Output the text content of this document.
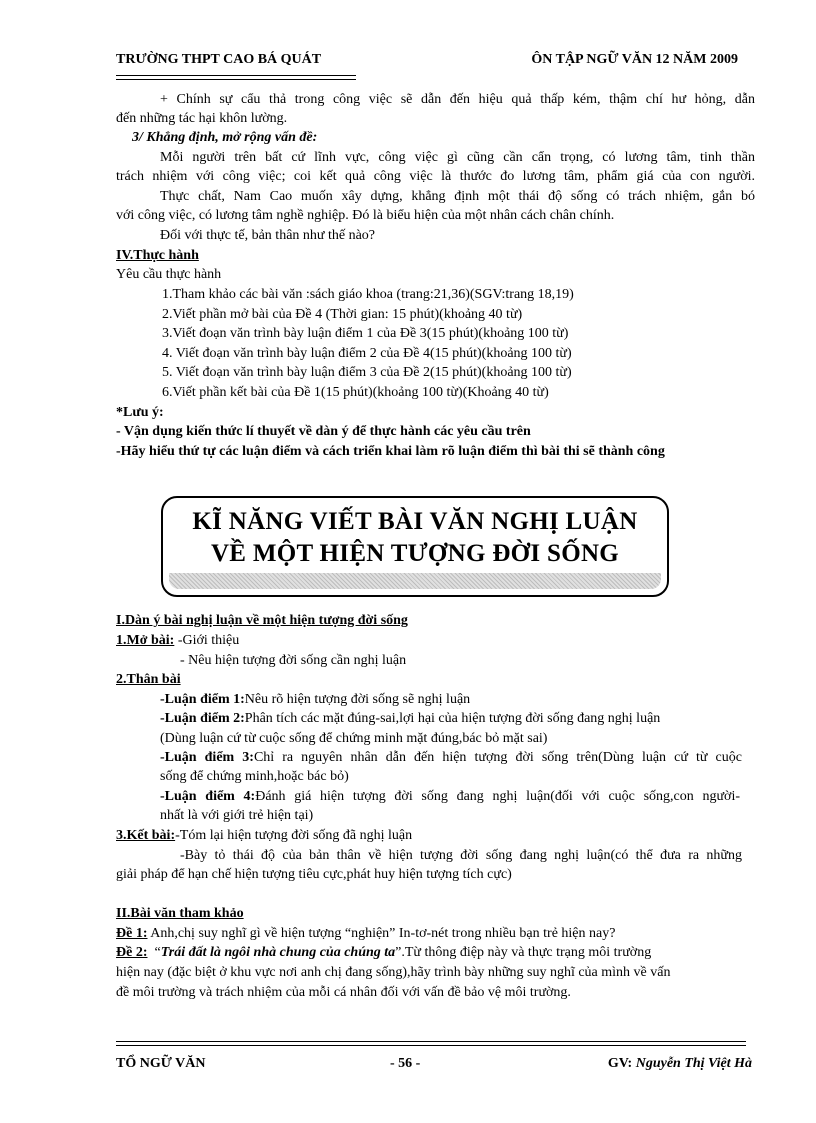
TRƯỜNG THPT CAO BÁ QUÁT	ÔN TẬP NGỮ VĂN 12 NĂM 2009
+ Chính sự cẩu thả trong công việc sẽ dẫn đến hiệu quả thấp kém, thậm chí hư hỏng, dẫn
đến những tác hại khôn lường.
3/ Khẳng định, mở rộng vấn đề:
Mỗi người trên bất cứ lĩnh vực, công việc gì cũng cần cẩn trọng, có lương tâm, tinh thần
trách nhiệm với công việc; coi kết quả công việc là thước đo lương tâm, phẩm giá của con người.
Thực chất, Nam Cao muốn xây dựng, khẳng định một thái độ sống có trách nhiệm, gắn bó
với công việc, có lương tâm nghề nghiệp. Đó là biểu hiện của một nhân cách chân chính.
Đối với thực tế, bản thân như thế nào?
IV.Thực hành
Yêu cầu thực hành
1.Tham khảo các bài văn :sách giáo khoa (trang:21,36)(SGV:trang 18,19)
2.Viết phần mở bài của Đề 4 (Thời gian: 15 phút)(khoảng 40 từ)
3.Viết đoạn văn trình bày luận điểm 1 của Đề 3(15 phút)(khoảng 100 từ)
4. Viết đoạn văn trình bày luận điểm 2 của Đề 4(15 phút)(khoảng 100 từ)
5. Viết đoạn văn trình bày luận điểm 3 của Đề 2(15 phút)(khoảng 100 từ)
6.Viết phần kết bài của Đề 1(15 phút)(khoảng 100 từ)(Khoảng 40 từ)
*Lưu ý:
- Vận dụng kiến thức lí thuyết về dàn ý để thực hành các yêu cầu trên
-Hãy hiểu thứ tự các luận điểm và cách triển khai làm rõ luận điểm thì bài thi sẽ thành công
KĨ NĂNG VIẾT BÀI VĂN NGHỊ LUẬN
VỀ MỘT HIỆN TƯỢNG ĐỜI SỐNG
I.Dàn ý bài nghị luận về một hiện tượng đời sống
1.Mở bài: -Giới thiệu
- Nêu hiện tượng đời sống cần nghị luận
2.Thân bài
-Luận điểm 1:Nêu rõ hiện tượng đời sống sẽ nghị luận
-Luận điểm 2:Phân tích các mặt đúng-sai,lợi hại của hiện tượng đời sống đang nghị luận
(Dùng luận cứ từ cuộc sống để chứng minh mặt đúng,bác bỏ mặt sai)
-Luận điểm 3:Chỉ ra nguyên nhân dẫn đến hiện tượng đời sống trên(Dùng luận cứ từ cuộc
sống để chứng minh,hoặc bác bỏ)
-Luận điểm 4:Đánh giá hiện tượng đời sống đang nghị luận(đối với cuộc sống,con người-
nhất là với giới trẻ hiện tại)
3.Kết bài:-Tóm lại hiện tượng đời sống đã nghị luận
-Bày tỏ thái độ của bản thân về hiện tượng đời sống đang nghị luận(có thể đưa ra những
giải pháp để hạn chế hiện tượng tiêu cực,phát huy hiện tượng tích cực)
II.Bài văn tham khảo
Đề 1: Anh,chị suy nghĩ gì về hiện tượng “nghiện” In-tơ-nét trong nhiều bạn trẻ hiện nay?
Đề 2: “Trái đất là ngôi nhà chung của chúng ta”.Từ thông điệp này và thực trạng môi trường
hiện nay (đặc biệt ở khu vực nơi anh chị đang sống),hãy trình bày những suy nghĩ của mình về vấn
đề môi trường và trách nhiệm của mỗi cá nhân đối với vấn đề bảo vệ môi trường.
TỔ NGỮ VĂN	- 56 -	GV: Nguyễn Thị Việt Hà
